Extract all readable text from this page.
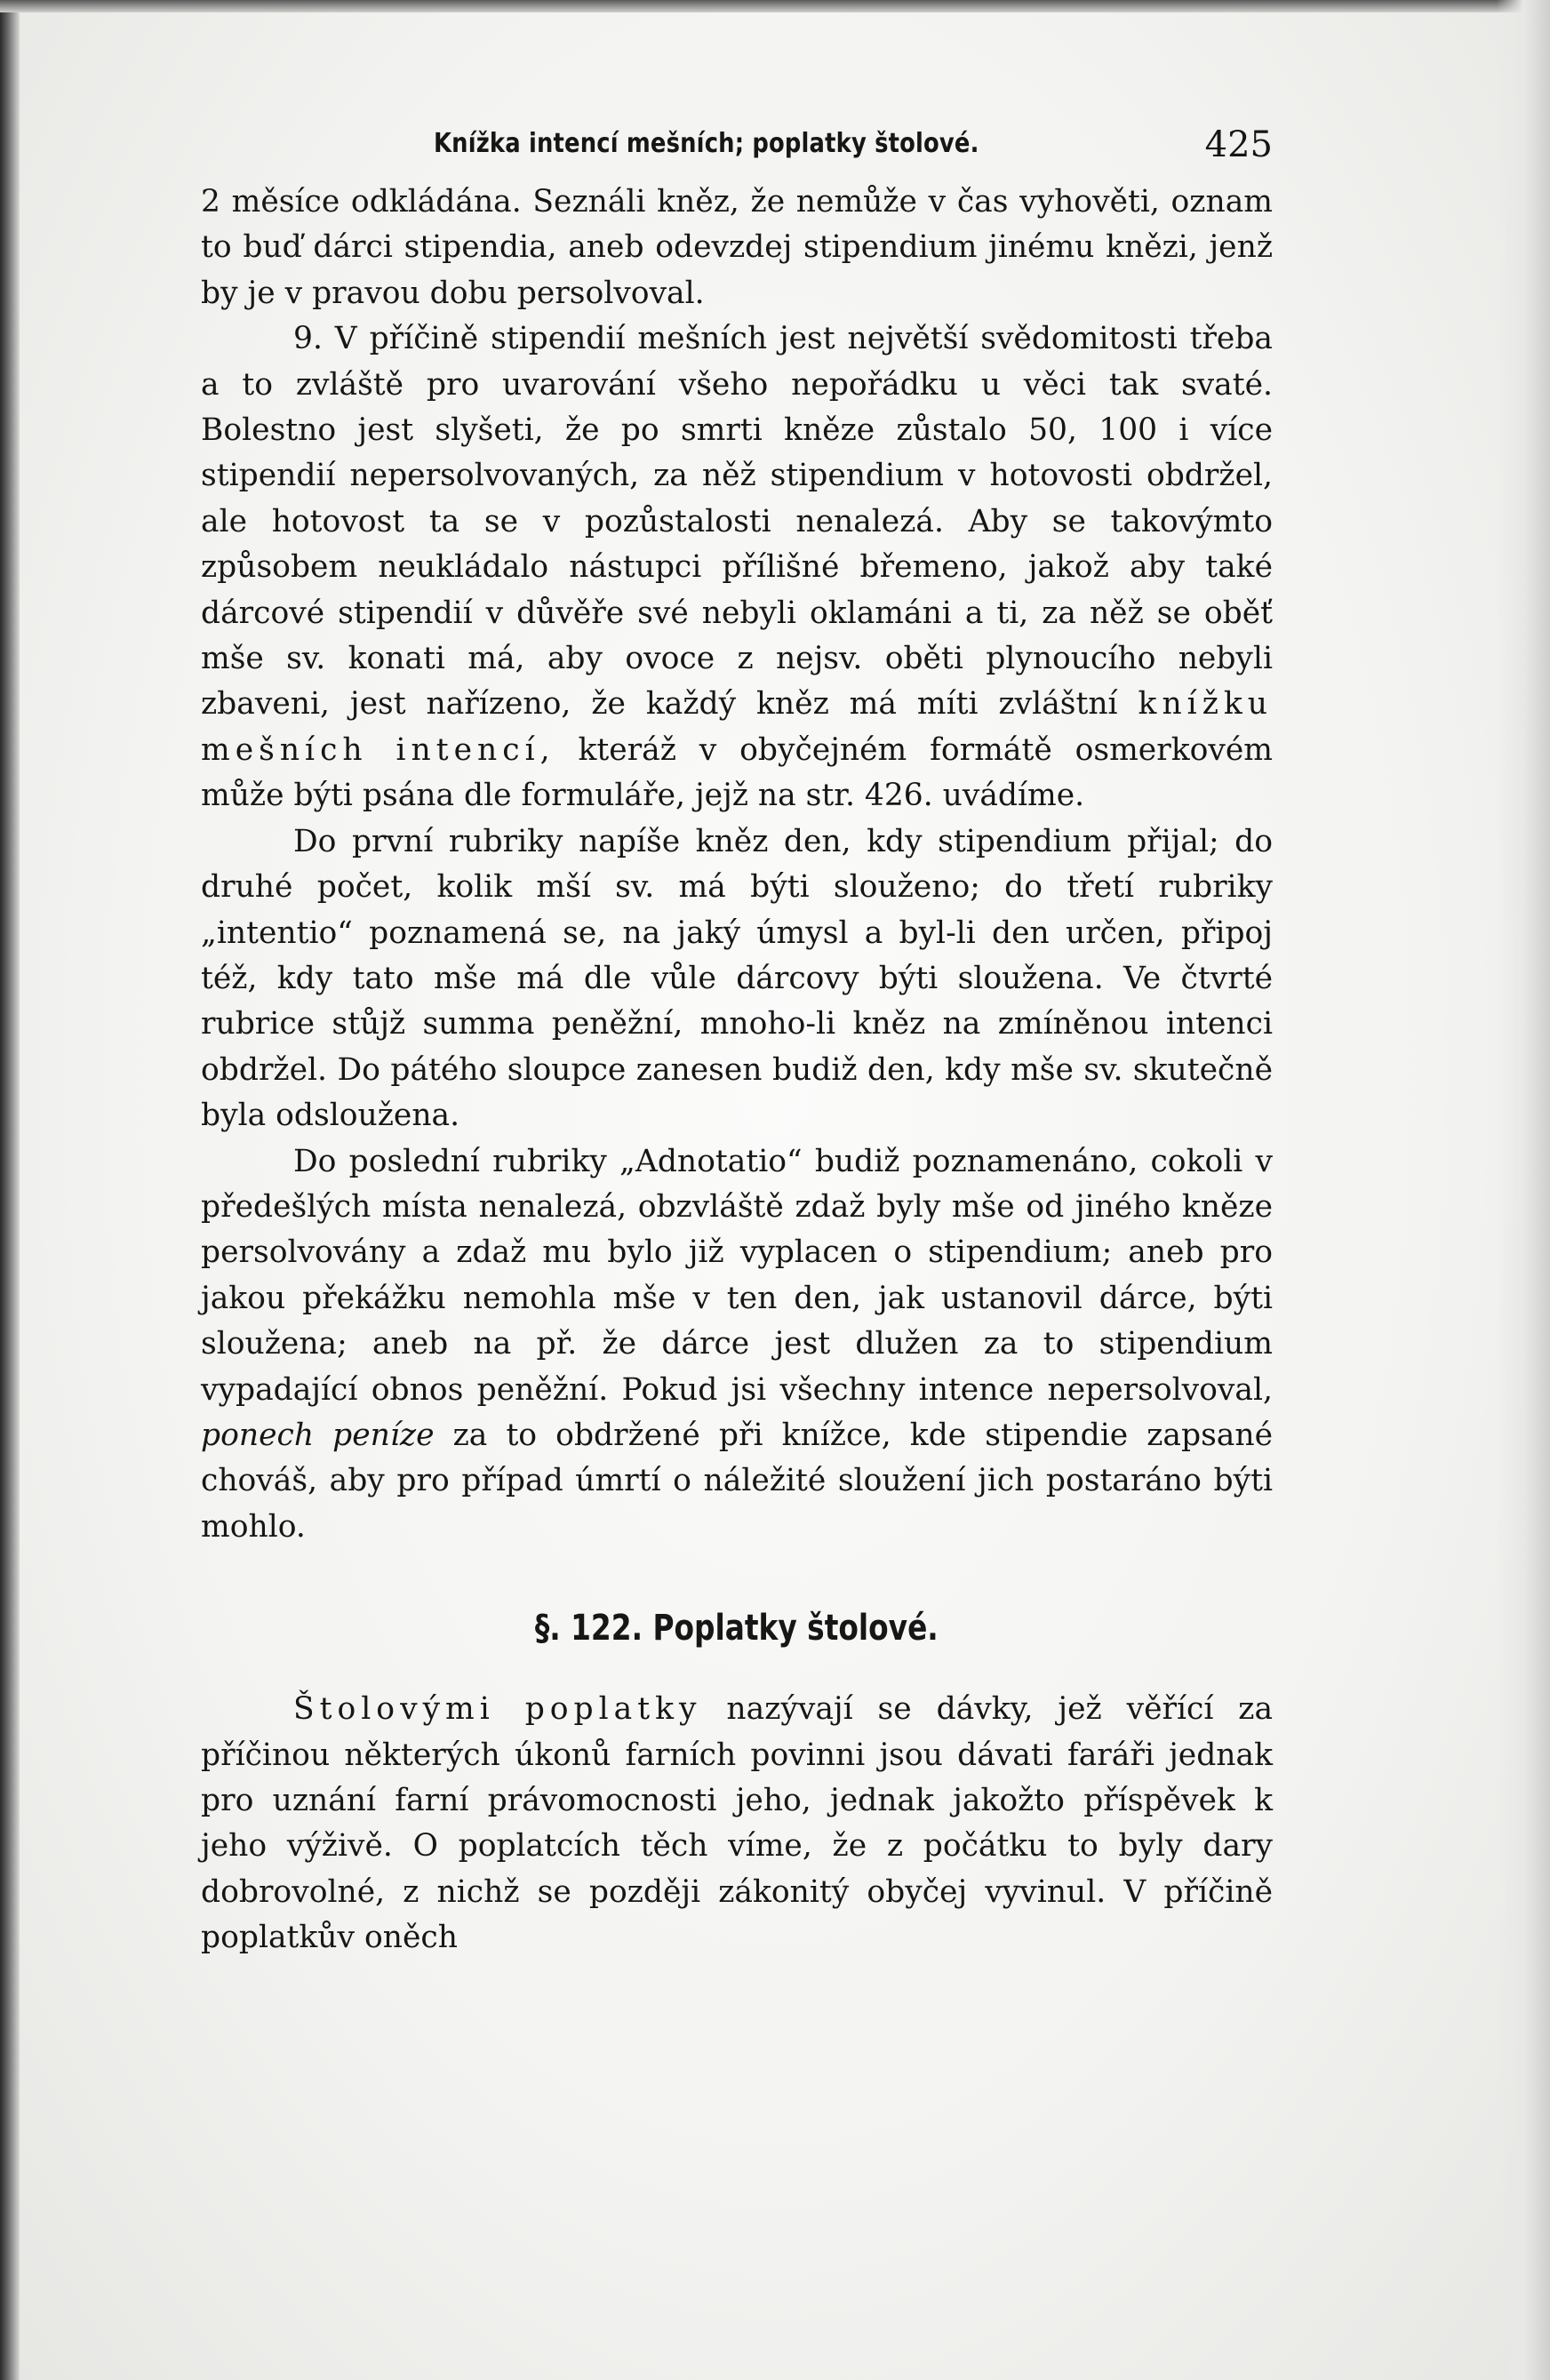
Knížka intencí mešních; poplatky štolové.	425

2 měsíce odkládána. Seználi kněz, že nemůže v čas vyhověti, oznam to buď dárci stipendia, aneb odevzdej stipendium jinému knězi, jenž by je v pravou dobu persolvoval.

9. V příčině stipendií mešních jest největší svědomitosti třeba a to zvláště pro uvarování všeho nepořádku u věci tak svaté. Bolestno jest slyšeti, že po smrti kněze zůstalo 50, 100 i více stipendií nepersolvovaných, za něž stipendium v hotovosti obdržel, ale hotovost ta se v pozůstalosti nenalezá. Aby se takovýmto způsobem neukládalo nástupci přílišné břemeno, jakož aby také dárcové stipendií v důvěře své nebyli oklamáni a ti, za něž se oběť mše sv. konati má, aby ovoce z nejsv. oběti plynoucího nebyli zbaveni, jest nařízeno, že každý kněz má míti zvláštní knížku mešních intencí, kteráž v obyčejném formátě osmerkovém může býti psána dle formuláře, jejž na str. 426. uvádíme.

Do první rubriky napíše kněz den, kdy stipendium přijal; do druhé počet, kolik mší sv. má býti slouženo; do třetí rubriky „intentio“ poznamená se, na jaký úmysl a byl-li den určen, připoj též, kdy tato mše má dle vůle dárcovy býti sloužena. Ve čtvrté rubrice stůjž summa peněžní, mnoho-li kněz na zmíněnou intenci obdržel. Do pátého sloupce zanesen budiž den, kdy mše sv. skutečně byla odsloužena.

Do poslední rubriky „Adnotatio“ budiž poznamenáno, cokoli v předešlých místa nenalezá, obzvláště zdaž byly mše od jiného kněze persolvovány a zdaž mu bylo již vyplacen o stipendium; aneb pro jakou překážku nemohla mše v ten den, jak ustanovil dárce, býti sloužena; aneb na př. že dárce jest dlužen za to stipendium vypadající obnos peněžní. Pokud jsi všechny intence nepersolvoval, ponech peníze za to obdržené při knížce, kde stipendie zapsané chováš, aby pro případ úmrtí o náležité sloužení jich postaráno býti mohlo.

§. 122. Poplatky štolové.

Štolovými poplatky nazývají se dávky, jež věřící za příčinou některých úkonů farních povinni jsou dávati faráři jednak pro uznání farní právomocnosti jeho, jednak jakožto příspěvek k jeho výživě. O poplatcích těch víme, že z počátku to byly dary dobrovolné, z nichž se později zákonitý obyčej vyvinul. V příčině poplatkův oněch
